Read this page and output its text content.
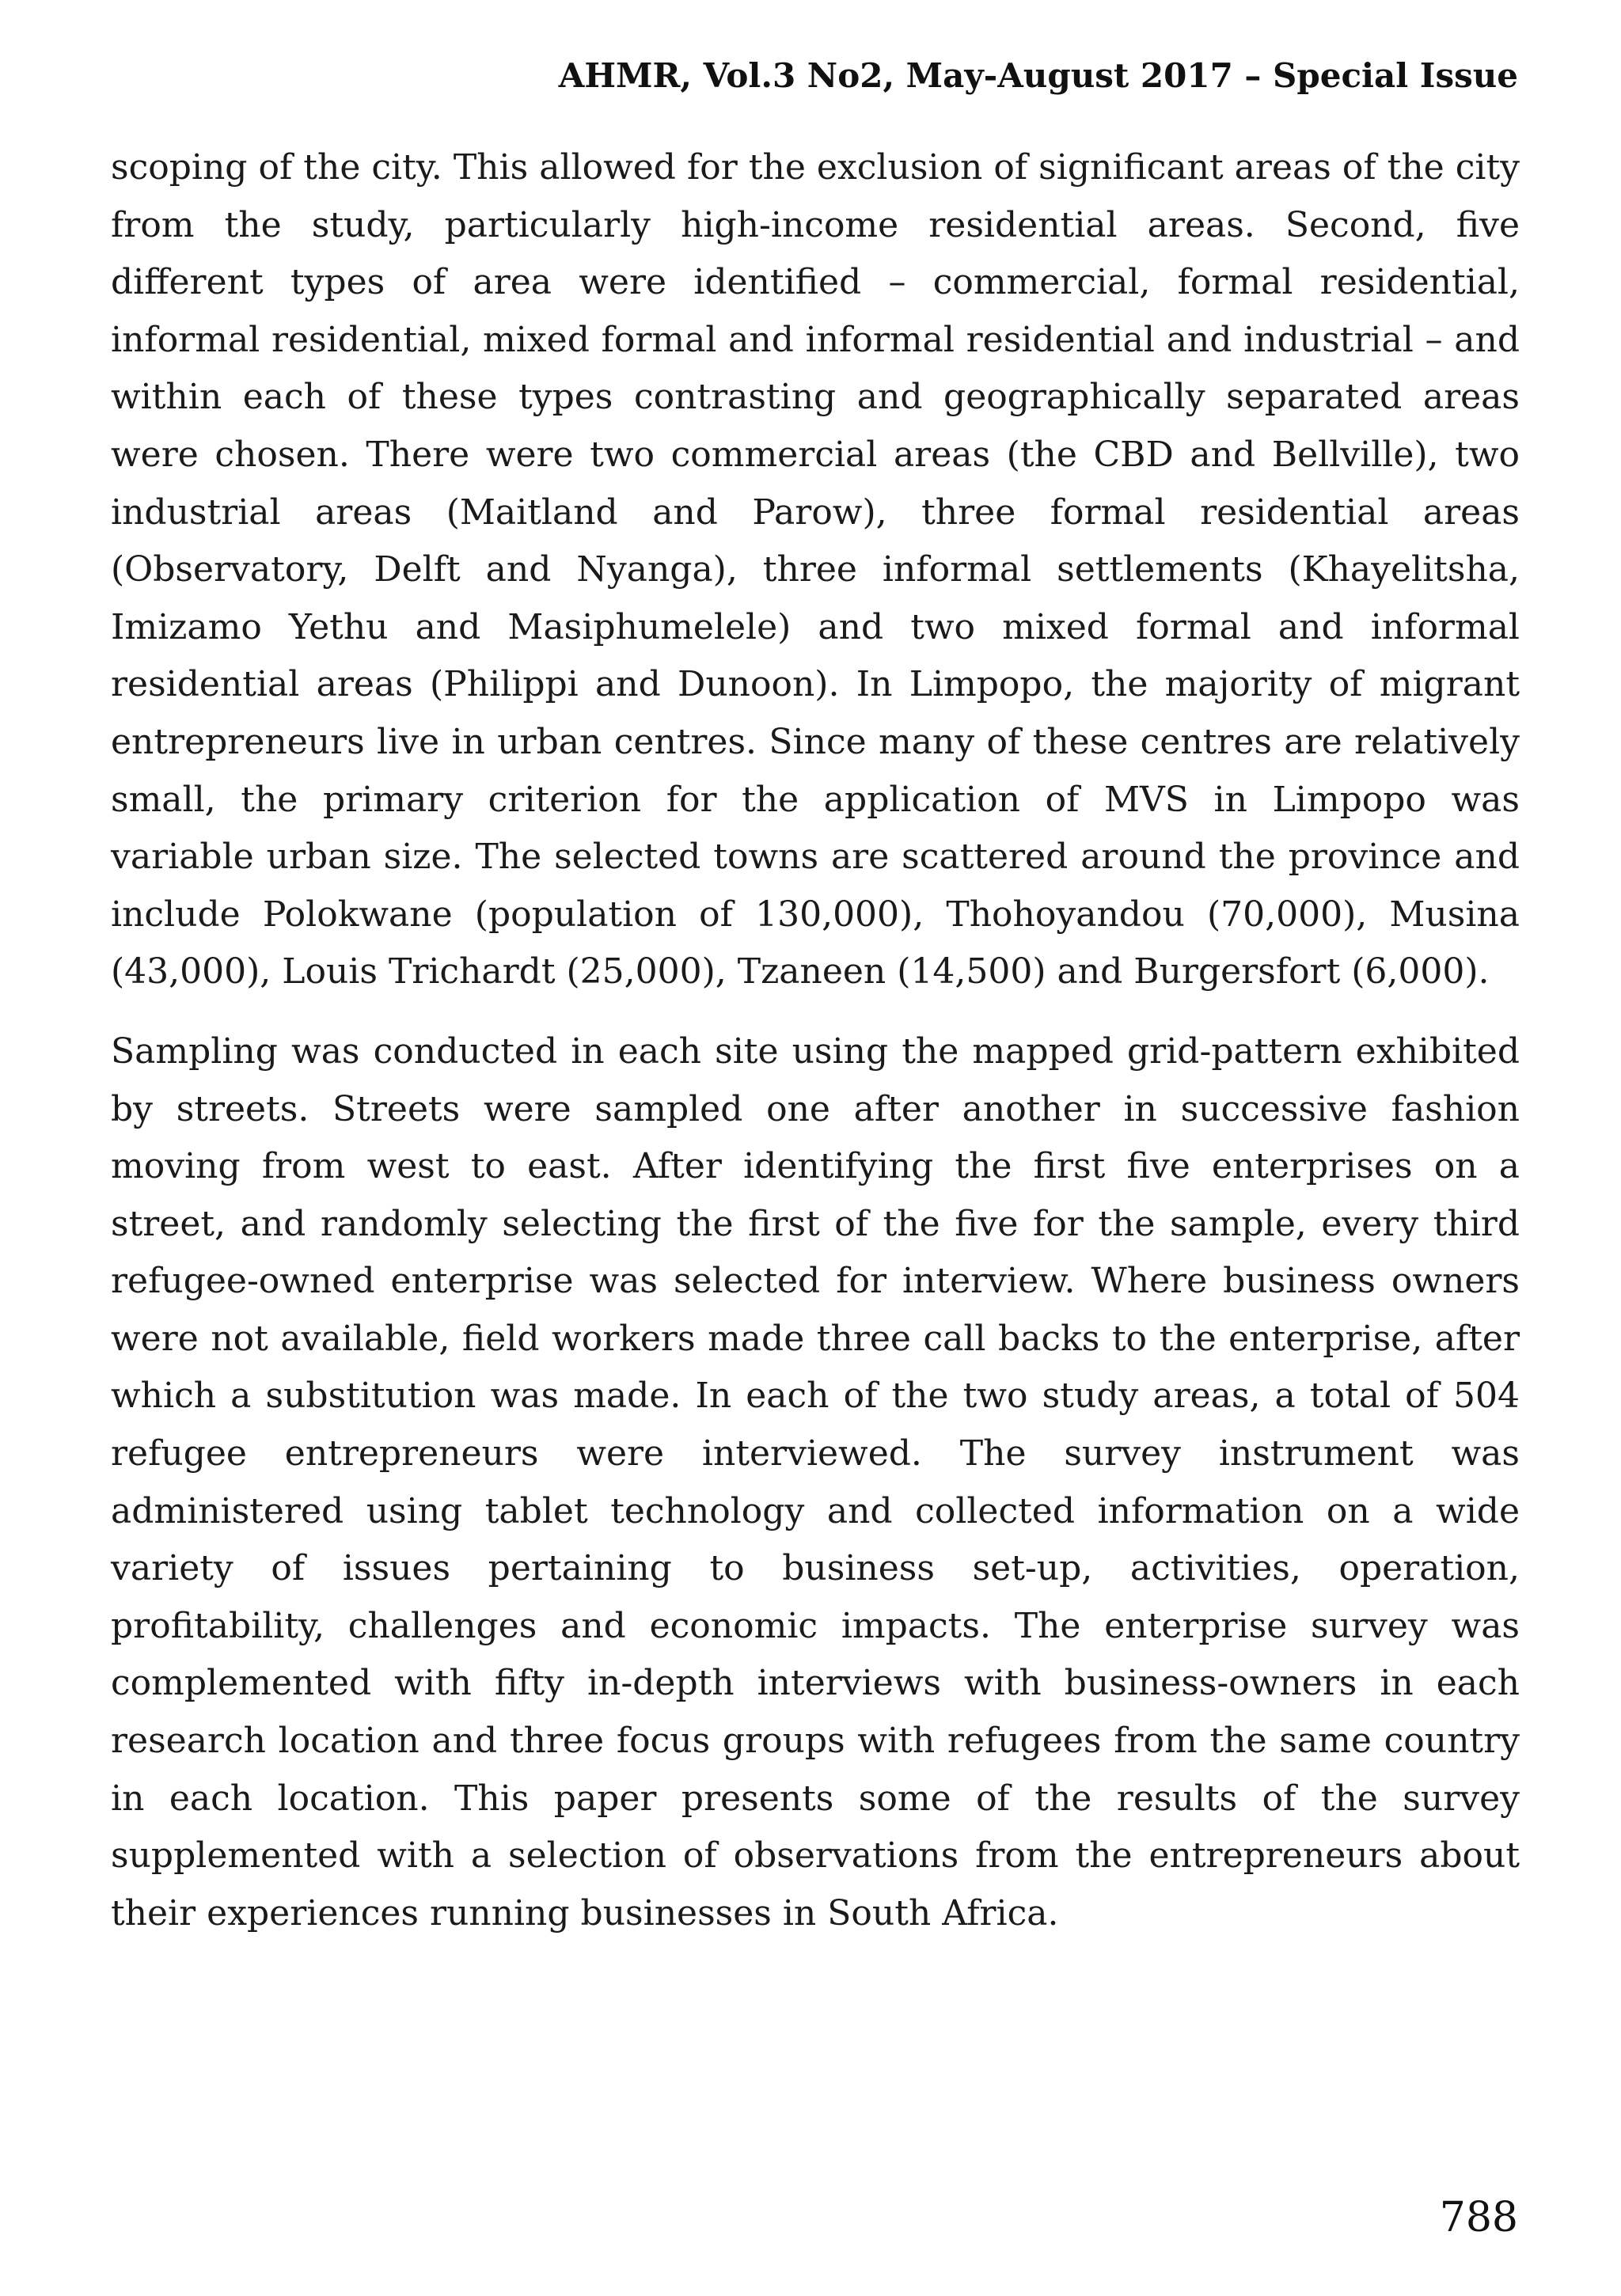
AHMR, Vol.3 No2, May-August 2017 – Special Issue

scoping of the city. This allowed for the exclusion of significant areas of the city from the study, particularly high-income residential areas. Second, five different types of area were identified – commercial, formal residential, informal residential, mixed formal and informal residential and industrial – and within each of these types contrasting and geographically separated areas were chosen. There were two commercial areas (the CBD and Bellville), two industrial areas (Maitland and Parow), three formal residential areas (Observatory, Delft and Nyanga), three informal settlements (Khayelitsha, Imizamo Yethu and Masiphumelele) and two mixed formal and informal residential areas (Philippi and Dunoon). In Limpopo, the majority of migrant entrepreneurs live in urban centres. Since many of these centres are relatively small, the primary criterion for the application of MVS in Limpopo was variable urban size. The selected towns are scattered around the province and include Polokwane (population of 130,000), Thohoyandou (70,000), Musina (43,000), Louis Trichardt (25,000), Tzaneen (14,500) and Burgersfort (6,000).

Sampling was conducted in each site using the mapped grid-pattern exhibited by streets. Streets were sampled one after another in successive fashion moving from west to east. After identifying the first five enterprises on a street, and randomly selecting the first of the five for the sample, every third refugee-owned enterprise was selected for interview. Where business owners were not available, field workers made three call backs to the enterprise, after which a substitution was made. In each of the two study areas, a total of 504 refugee entrepreneurs were interviewed. The survey instrument was administered using tablet technology and collected information on a wide variety of issues pertaining to business set-up, activities, operation, profitability, challenges and economic impacts. The enterprise survey was complemented with fifty in-depth interviews with business-owners in each research location and three focus groups with refugees from the same country in each location. This paper presents some of the results of the survey supplemented with a selection of observations from the entrepreneurs about their experiences running businesses in South Africa.

788
